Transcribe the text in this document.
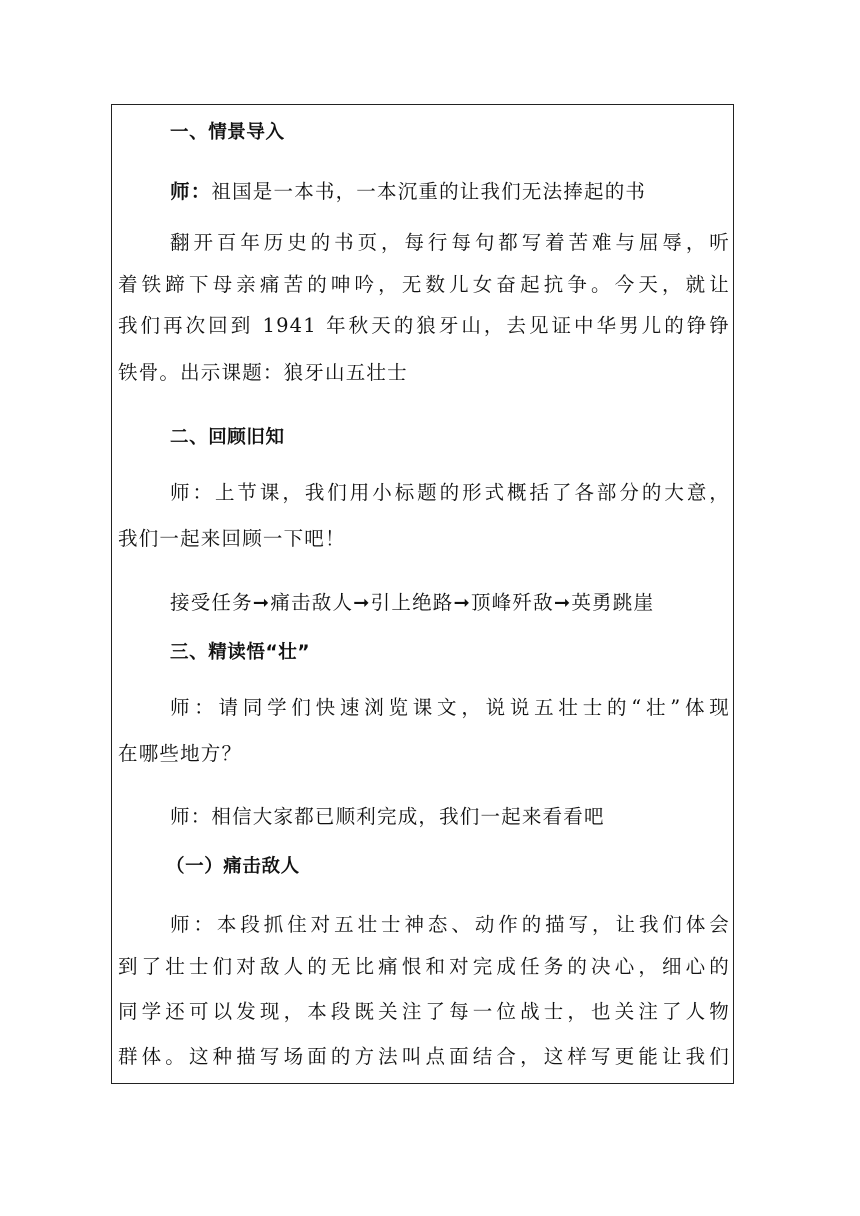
一、情景导入
师：祖国是一本书，一本沉重的让我们无法捧起的书
翻开百年历史的书页，每行每句都写着苦难与屈辱，听
着铁蹄下母亲痛苦的呻吟，无数儿女奋起抗争。今天，就让
我们再次回到 1941 年秋天的狼牙山，去见证中华男儿的铮铮
铁骨。出示课题：狼牙山五壮士
二、回顾旧知
师：上节课，我们用小标题的形式概括了各部分的大意，
我们一起来回顾一下吧！
接受任务➞痛击敌人➞引上绝路➞顶峰歼敌➞英勇跳崖
三、精读悟“壮”
师：请同学们快速浏览课文，说说五壮士的“壮”体现
在哪些地方？
师：相信大家都已顺利完成，我们一起来看看吧
（一）痛击敌人
师：本段抓住对五壮士神态、动作的描写，让我们体会
到了壮士们对敌人的无比痛恨和对完成任务的决心，细心的
同学还可以发现，本段既关注了每一位战士，也关注了人物
群体。这种描写场面的方法叫点面结合，这样写更能让我们
